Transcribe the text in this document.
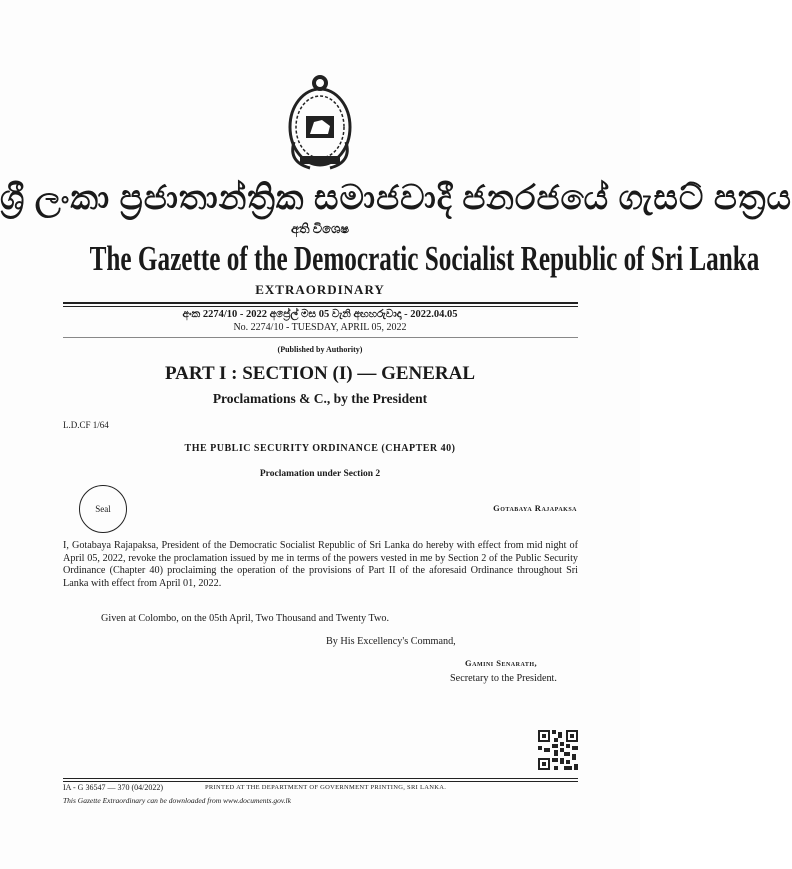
ශ්‍රී ලංකා ප්‍රජාතාන්ත්‍රික සමාජවාදී ජනරජයේ ගැසට් පත්‍රය
අති විශෙෂ
The Gazette of the Democratic Socialist Republic of Sri Lanka
EXTRAORDINARY
අංක 2274/10 - 2022 අප්‍රේල් මස 05 වැනි අඟහරුවාදා - 2022.04.05
No. 2274/10 - TUESDAY, APRIL 05, 2022
(Published by Authority)
PART I : SECTION (I) — GENERAL
Proclamations & C., by the President
L.D.CF 1/64
THE PUBLIC SECURITY ORDINANCE (CHAPTER 40)
Proclamation under Section 2
Seal	Gotabaya Rajapaksa
I, Gotabaya Rajapaksa, President of the Democratic Socialist Republic of Sri Lanka do hereby with effect from mid night of April 05, 2022, revoke the proclamation issued by me in terms of the powers vested in me by Section 2 of the Public Security Ordinance (Chapter 40) proclaiming the operation of the provisions of Part II of the aforesaid Ordinance throughout Sri Lanka with effect from April 01, 2022.
Given at Colombo, on the 05th April, Two Thousand and Twenty Two.
By His Excellency's Command,
Gamini Senarath,
Secretary to the President.
IA - G 36547 — 370 (04/2022)	PRINTED AT THE DEPARTMENT OF GOVERNMENT PRINTING, SRI LANKA.
This Gazette Extraordinary can be downloaded from www.documents.gov.lk
